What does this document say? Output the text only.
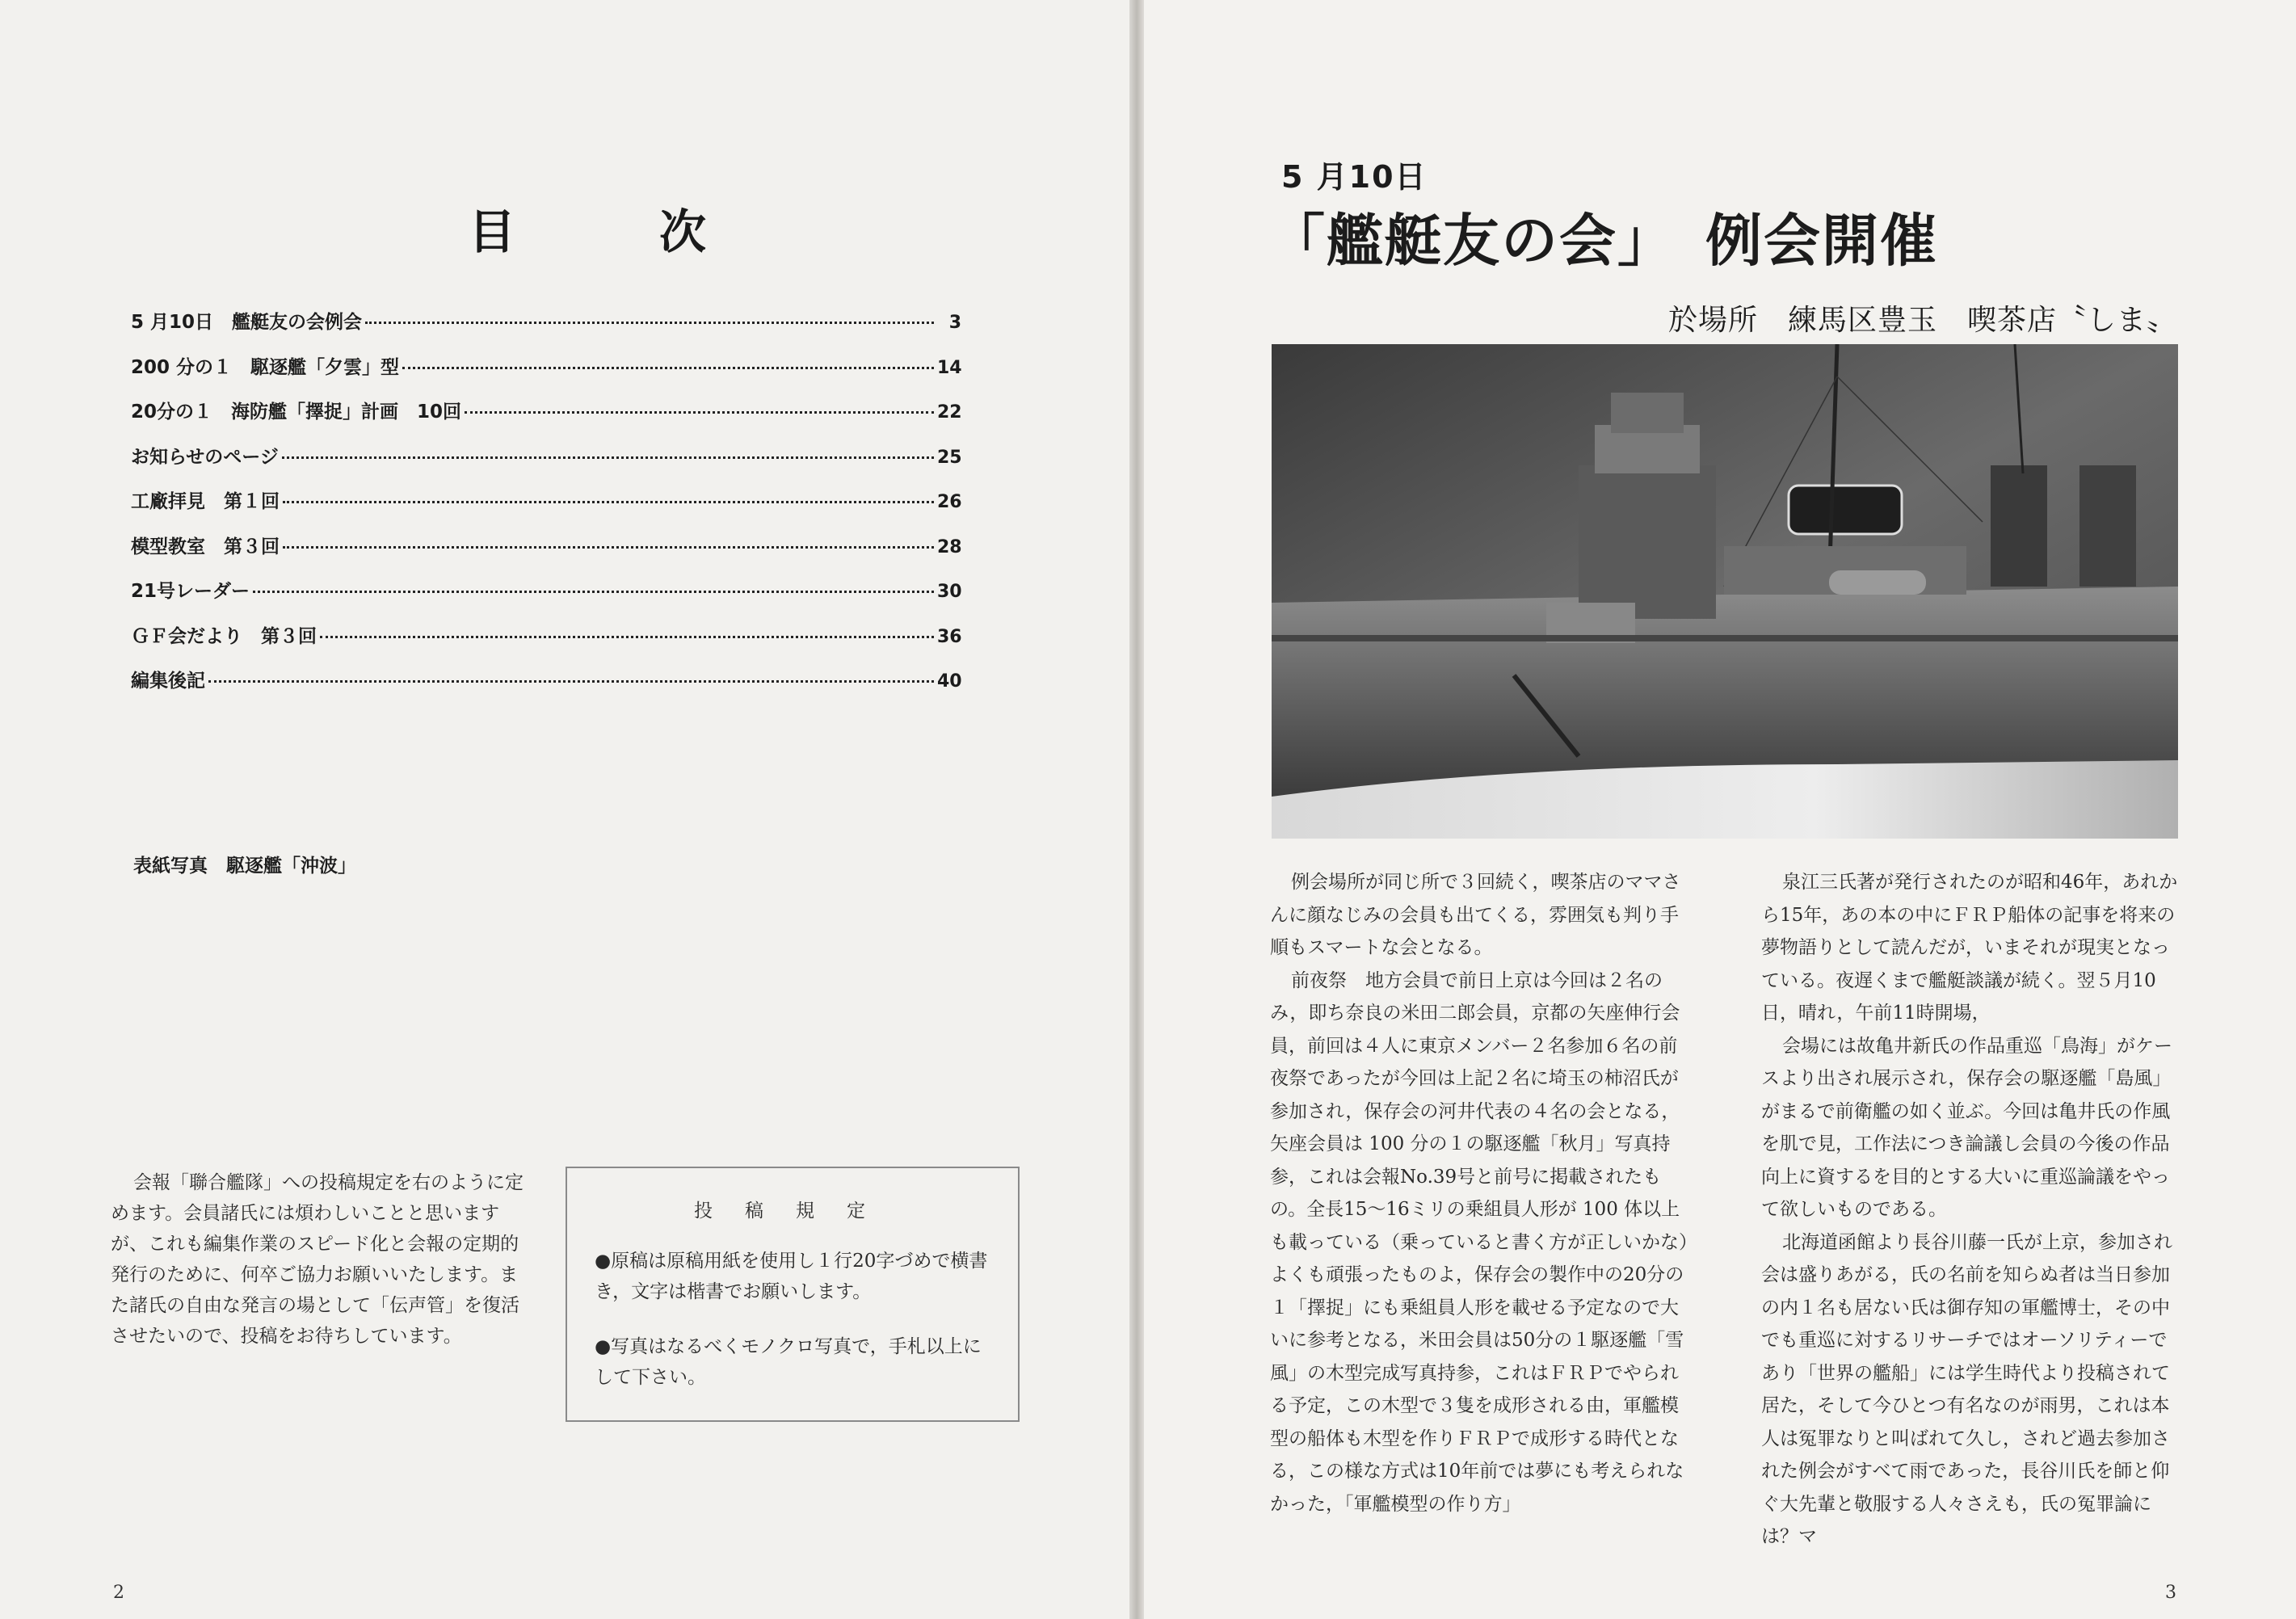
目　次
5 月10日　艦艇友の会例会	3
200 分の１　駆逐艦「夕雲」型	14
20分の１　海防艦「擇捉」計画　10回	22
お知らせのページ	25
工廠拝見　第１回	26
模型教室　第３回	28
21号レーダー	30
ＧＦ会だより　第３回	36
編集後記	40
表紙写真　駆逐艦「沖波」
会報「聯合艦隊」への投稿規定を右のように定めます。会員諸氏には煩わしいことと思いますが、これも編集作業のスピード化と会報の定期的発行のために、何卒ご協力お願いいたします。また諸氏の自由な発言の場として「伝声管」を復活させたいので、投稿をお待ちしています。
投稿規定
●原稿は原稿用紙を使用し１行20字づめで横書き，文字は楷書でお願いします。
●写真はなるべくモノクロ写真で，手札以上にして下さい。
2
5 月10日
「艦艇友の会」　例会開催
於場所　練馬区豊玉　喫茶店〝しま〟

例会場所が同じ所で３回続く，喫茶店のママさんに顔なじみの会員も出てくる，雰囲気も判り手順もスマートな会となる。

前夜祭　地方会員で前日上京は今回は２名のみ，即ち奈良の米田二郎会員，京都の矢座伸行会員，前回は４人に東京メンバー２名参加６名の前夜祭であったが今回は上記２名に埼玉の柿沼氏が参加され，保存会の河井代表の４名の会となる，矢座会員は 100 分の１の駆逐艦「秋月」写真持参，これは会報No.39号と前号に掲載されたもの。全長15～16ミリの乗組員人形が 100 体以上も載っている（乗っていると書く方が正しいかな）よくも頑張ったものよ，保存会の製作中の20分の１「擇捉」にも乗組員人形を載せる予定なので大いに参考となる，米田会員は50分の１駆逐艦「雪風」の木型完成写真持参，これはＦＲＰでやられる予定，この木型で３隻を成形される由，軍艦模型の船体も木型を作りＦＲＰで成形する時代となる，この様な方式は10年前では夢にも考えられなかった，「軍艦模型の作り方」

泉江三氏著が発行されたのが昭和46年，あれから15年，あの本の中にＦＲＰ船体の記事を将来の夢物語りとして読んだが，いまそれが現実となっている。夜遅くまで艦艇談議が続く。翌５月10日，晴れ，午前11時開場，

会場には故亀井新氏の作品重巡「鳥海」がケースより出され展示され，保存会の駆逐艦「島風」がまるで前衛艦の如く並ぶ。今回は亀井氏の作風を肌で見，工作法につき論議し会員の今後の作品向上に資するを目的とする大いに重巡論議をやって欲しいものである。

北海道函館より長谷川藤一氏が上京，参加され会は盛りあがる，氏の名前を知らぬ者は当日参加の内１名も居ない氏は御存知の軍艦博士，その中でも重巡に対するリサーチではオーソリティーであり「世界の艦船」には学生時代より投稿されて居た，そして今ひとつ有名なのが雨男，これは本人は冤罪なりと叫ばれて久し，されど過去参加された例会がすべて雨であった，長谷川氏を師と仰ぐ大先輩と敬服する人々さえも，氏の冤罪論には？マ

3
